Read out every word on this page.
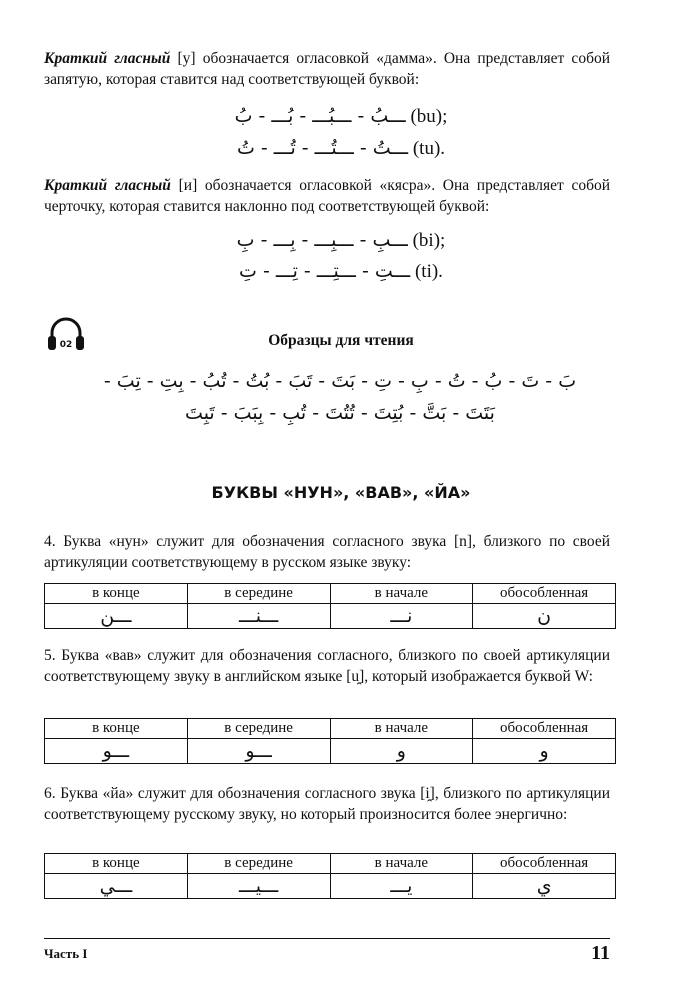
Краткий гласный [у] обозначается огласовкой «дамма». Она представляет собой запятую, которая ставится над соответствующей буквой:

ـــبُ - ـــبُـــ - بُـــ - بُ (bu);
ـــتُ - ـــتُـــ - تُـــ - تُ (tu).

Краткий гласный [и] обозначается огласовкой «кясра». Она представляет собой черточку, которая ставится наклонно под соответствующей буквой:

ـــبِ - ـــبِـــ - بِـــ - بِ (bi);
ـــتِ - ـــتِـــ - تِـــ - تِ (ti).
02	Образцы для чтения
بَ - تَ - بُ - تُ - بِ - تِ - بَتَ - تَبَ - بُتُ - تُبُ - بِتِ - تِبَ -
بَتَتَ - بَتَّ - بُتِتَ - تُتُتَ - تُبِ - بِبَبَ - تَبِتَ
БУКВЫ «НУН», «ВАВ», «ЙА»

4. Буква «нун» служит для обозначения согласного звука [n], близкого по своей артикуляции соответствующему в русском языке звуку:

в конце	в середине	в начале	обособленная
ـــن	ـــنـــ	نـــ	ن

5. Буква «вав» служит для обозначения согласного, близкого по своей артикуляции соответствующему звуку в английском языке [u̯], который изображается буквой W:

в конце	в середине	в начале	обособленная
ـــو	ـــو	و	و

6. Буква «йа» служит для обозначения согласного звука [i̯], близкого по артикуляции соответствующему русскому звуку, но который произносится более энергично:

в конце	в середине	в начале	обособленная
ـــي	ـــيـــ	يـــ	ي
Часть I	11
